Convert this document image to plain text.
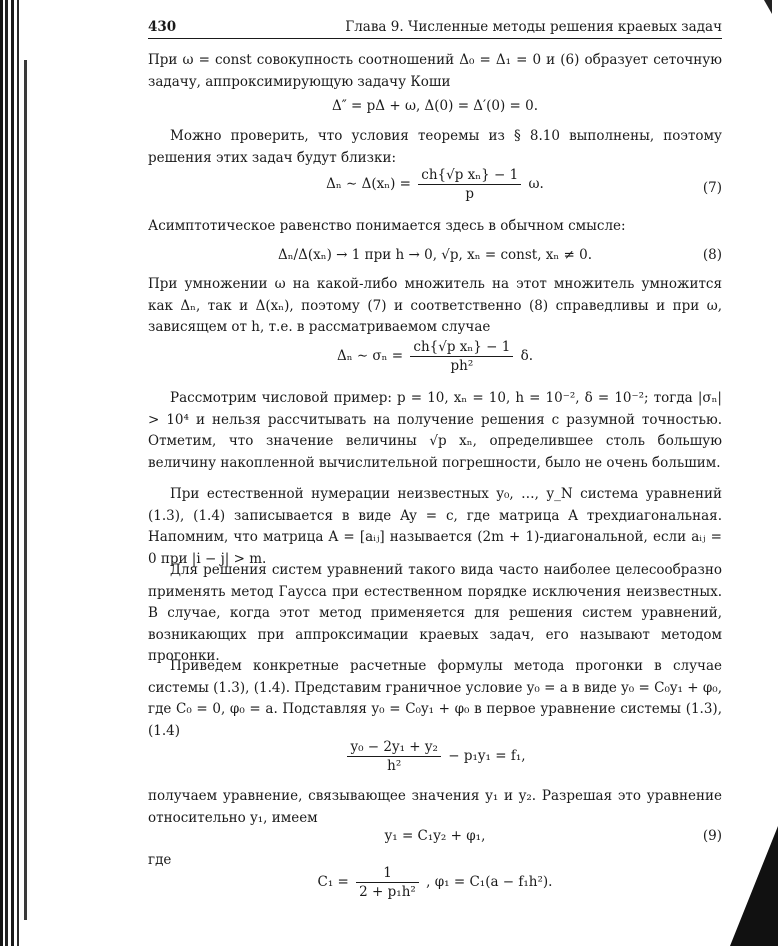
430	Глава 9. Численные методы решения краевых задач

При ω = const совокупность соотношений Δ₀ = Δ₁ = 0 и (6) образует сеточную задачу, аппроксимирующую задачу Коши

Δ″ = pΔ + ω, Δ(0) = Δ′(0) = 0.

Можно проверить, что условия теоремы из § 8.10 выполнены, поэтому решения этих задач будут близки:

Δₙ ∼ $\Delta(x_n) = \frac{\text{ch\{√p xₙ\} − 1}}{p} \omega$.	(7)

Асимптотическое равенство понимается здесь в обычном смысле:

Δₙ/Δ(xₙ) → 1 при h → 0, √p, xₙ = const, xₙ ≠ 0.	(8)

При умножении ω на какой-либо множитель на этот множитель умножится как Δₙ, так и Δ(xₙ), поэтому (7) и соответственно (8) справедливы и при ω, зависящем от h, т.е. в рассматриваемом случае

Δₙ ∼ $\sigma_n = \frac{\text{ch\{√p xₙ\} − 1}}{\text{ph²}} \delta$.

Рассмотрим числовой пример: p = 10, xₙ = 10, h = 10⁻², δ = 10⁻²; тогда |σₙ| > 10⁴ и нельзя рассчитывать на получение решения с разумной точностью. Отметим, что значение величины √p xₙ, определившее столь большую величину накопленной вычислительной погрешности, было не очень большим.

При естественной нумерации неизвестных y₀, …, y_N система уравнений (1.3), (1.4) записывается в виде Ay = c, где матрица A трехдиагональная. Напомним, что матрица A = [aᵢⱼ] называется (2m + 1)-диагональной, если aᵢⱼ = 0 при |i − j| > m.

Для решения систем уравнений такого вида часто наиболее целесообразно применять метод Гаусса при естественном порядке исключения неизвестных. В случае, когда этот метод применяется для решения систем уравнений, возникающих при аппроксимации краевых задач, его называют методом прогонки.

Приведем конкретные расчетные формулы метода прогонки в случае системы (1.3), (1.4). Представим граничное условие y₀ = a в виде y₀ = C₀y₁ + φ₀, где C₀ = 0, φ₀ = a. Подставляя y₀ = C₀y₁ + φ₀ в первое уравнение системы (1.3), (1.4)

$\frac{\text{y₀ − 2y₁ + y₂}}{\text{h²}} - p_1y_1 = f_1$,

получаем уравнение, связывающее значения y₁ и y₂. Разрешая это уравнение относительно y₁, имеем

y₁ = C₁y₂ + φ₁,	(9)

где

$C_1 = \frac{1}{\text{2 + p₁h²}}$ , φ₁ = C₁(a − f₁h²).
